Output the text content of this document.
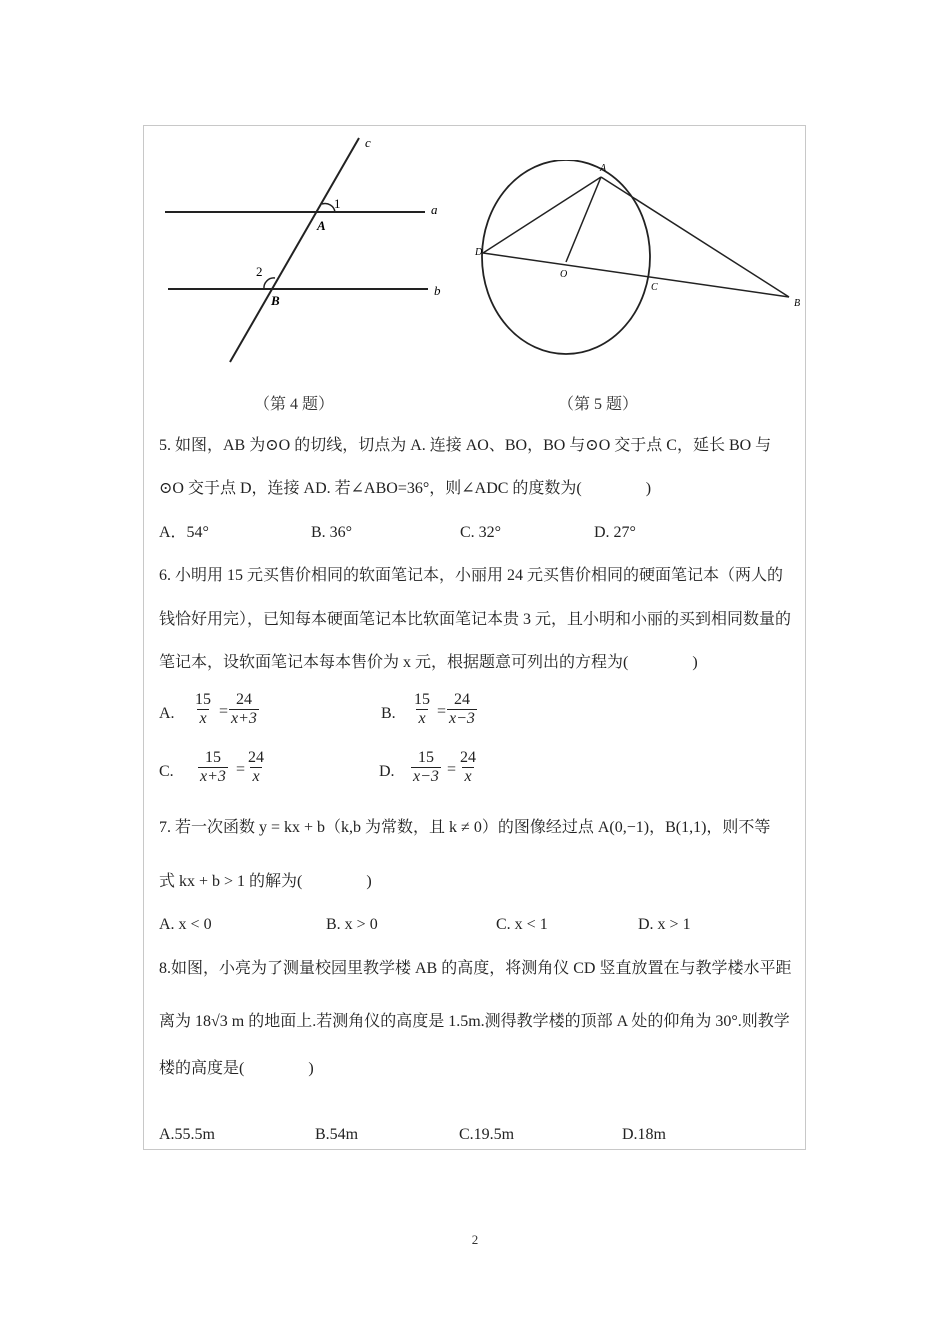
c
1	a
A
2
B
b
（第 4 题）
A
D
O
C
B
（第 5 题）
5. 如图，AB 为⊙O 的切线，切点为 A. 连接 AO、BO，BO 与⊙O 交于点 C，延长 BO 与
⊙O 交于点 D，连接 AD. 若∠ABO=36°，则∠ADC 的度数为(　　　　)
A．54°	B. 36°	C. 32°	D. 27°
6. 小明用 15 元买售价相同的软面笔记本，小丽用 24 元买售价相同的硬面笔记本（两人的
钱恰好用完），已知每本硬面笔记本比软面笔记本贵 3 元，且小明和小丽的买到相同数量的
笔记本，设软面笔记本每本售价为 x 元，根据题意可列出的方程为(　　　　)
A. $\frac{15}{x} = \frac{24}{x+3}$	B. $\frac{15}{x} = \frac{24}{x-3}$
C. $\frac{15}{x+3} = \frac{24}{x}$	D. $\frac{15}{x-3} = \frac{24}{x}$
7. 若一次函数 y = kx + b（k,b 为常数，且 k ≠ 0）的图像经过点 A(0,−1)，B(1,1)，则不等
式 kx + b > 1 的解为(　　　　)
A. x < 0	B. x > 0	C. x < 1	D. x > 1
8.如图，小亮为了测量校园里教学楼 AB 的高度，将测角仪 CD 竖直放置在与教学楼水平距
离为 18√3 m 的地面上.若测角仪的高度是 1.5m.测得教学楼的顶部 A 处的仰角为 30°.则教学
楼的高度是(　　　　)
A.55.5m	B.54m	C.19.5m	D.18m
2
